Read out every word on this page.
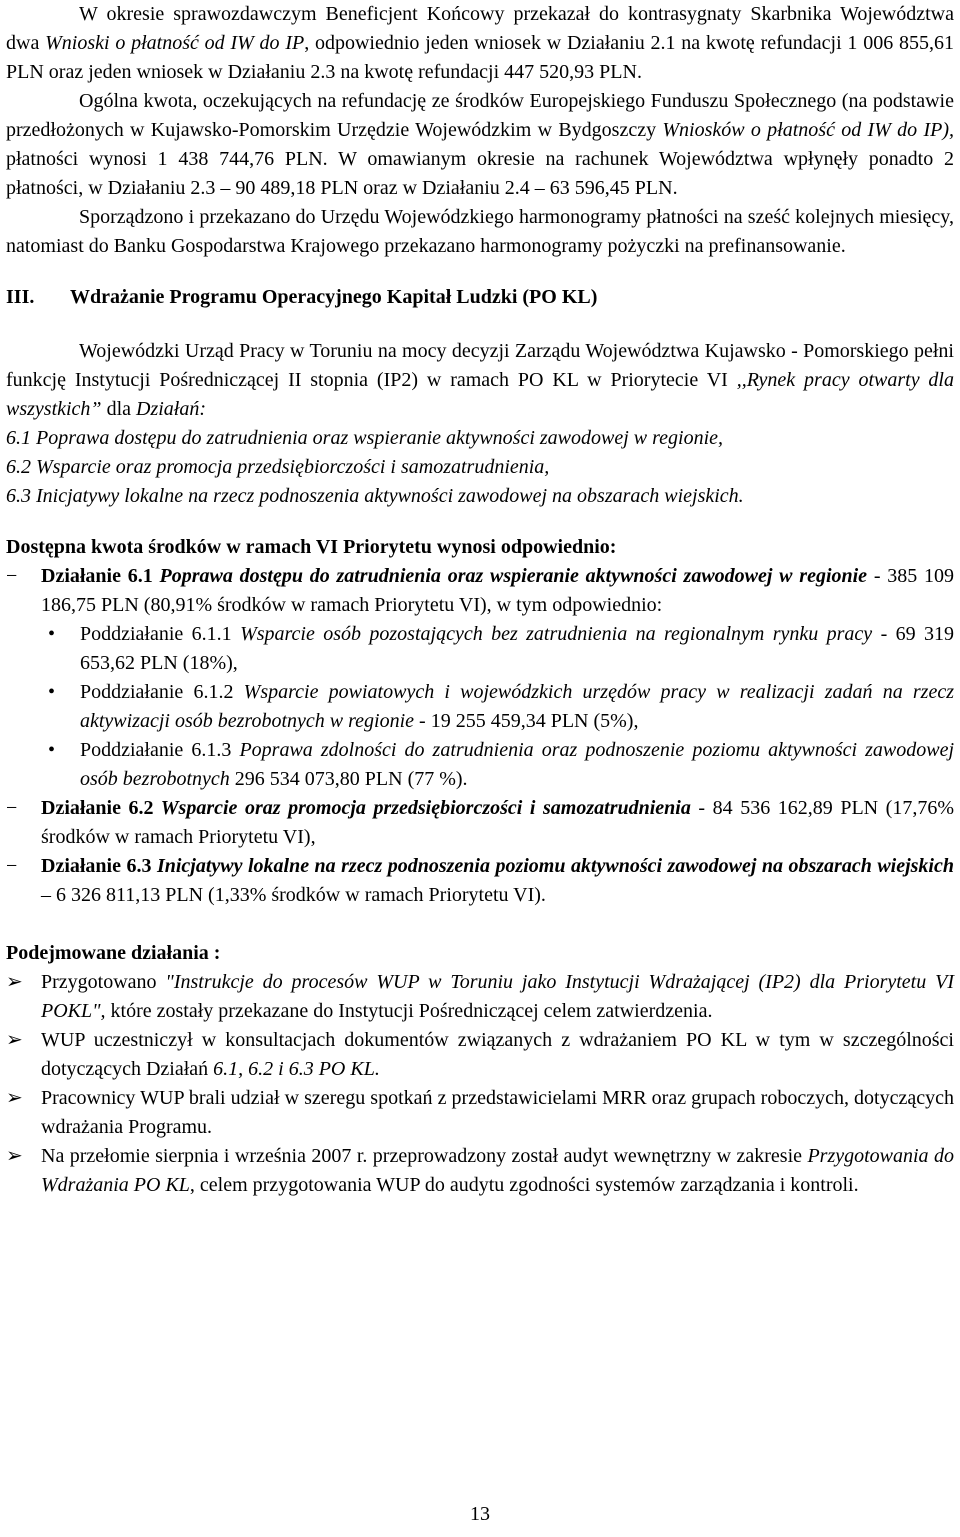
W okresie sprawozdawczym Beneficjent Końcowy przekazał do kontrasygnaty Skarbnika Województwa dwa Wnioski o płatność od IW do IP, odpowiednio jeden wniosek w Działaniu 2.1 na kwotę refundacji 1 006 855,61 PLN oraz jeden wniosek w Działaniu 2.3 na kwotę refundacji 447 520,93 PLN.

Ogólna kwota, oczekujących na refundację ze środków Europejskiego Funduszu Społecznego (na podstawie przedłożonych w Kujawsko-Pomorskim Urzędzie Wojewódzkim w Bydgoszczy Wniosków o płatność od IW do IP), płatności wynosi 1 438 744,76 PLN. W omawianym okresie na rachunek Województwa wpłynęły ponadto 2 płatności, w Działaniu 2.3 – 90 489,18 PLN oraz w Działaniu 2.4 – 63 596,45 PLN.

Sporządzono i przekazano do Urzędu Wojewódzkiego harmonogramy płatności na sześć kolejnych miesięcy, natomiast do Banku Gospodarstwa Krajowego przekazano harmonogramy pożyczki na prefinansowanie.

III.	Wdrażanie Programu Operacyjnego Kapitał Ludzki (PO KL)

Wojewódzki Urząd Pracy w Toruniu na mocy decyzji Zarządu Województwa Kujawsko - Pomorskiego pełni funkcję Instytucji Pośredniczącej II stopnia (IP2) w ramach PO KL w Priorytecie VI ,,Rynek pracy otwarty dla wszystkich” dla Działań:

6.1 Poprawa dostępu do zatrudnienia oraz wspieranie aktywności zawodowej w regionie,

6.2 Wsparcie oraz promocja przedsiębiorczości i samozatrudnienia,

6.3 Inicjatywy lokalne na rzecz podnoszenia aktywności zawodowej na obszarach wiejskich.

Dostępna kwota środków w ramach VI Priorytetu wynosi odpowiednio:

−	Działanie 6.1 Poprawa dostępu do zatrudnienia oraz wspieranie aktywności zawodowej w regionie - 385 109 186,75 PLN (80,91% środków w ramach Priorytetu VI), w tym odpowiednio:
•	Poddziałanie 6.1.1 Wsparcie osób pozostających bez zatrudnienia na regionalnym rynku pracy - 69 319 653,62 PLN (18%),
•	Poddziałanie 6.1.2 Wsparcie powiatowych i wojewódzkich urzędów pracy w realizacji zadań na rzecz aktywizacji osób bezrobotnych w regionie - 19 255 459,34 PLN (5%),
•	Poddziałanie 6.1.3 Poprawa zdolności do zatrudnienia oraz podnoszenie poziomu aktywności zawodowej osób bezrobotnych 296 534 073,80 PLN (77 %).
−	Działanie 6.2 Wsparcie oraz promocja przedsiębiorczości i samozatrudnienia - 84 536 162,89 PLN (17,76% środków w ramach Priorytetu VI),
−	Działanie 6.3 Inicjatywy lokalne na rzecz podnoszenia poziomu aktywności zawodowej na obszarach wiejskich – 6 326 811,13 PLN (1,33% środków w ramach Priorytetu VI).

Podejmowane działania :

➢ Przygotowano "Instrukcje do procesów WUP w Toruniu jako Instytucji Wdrażającej (IP2) dla Priorytetu VI POKL", które zostały przekazane do Instytucji Pośredniczącej celem zatwierdzenia.
➢ WUP uczestniczył w konsultacjach dokumentów związanych z wdrażaniem PO KL w tym w szczególności dotyczących Działań 6.1, 6.2 i 6.3 PO KL.
➢ Pracownicy WUP brali udział w szeregu spotkań z przedstawicielami MRR oraz grupach roboczych, dotyczących wdrażania Programu.
➢ Na przełomie sierpnia i września 2007 r. przeprowadzony został audyt wewnętrzny w zakresie Przygotowania do Wdrażania PO KL, celem przygotowania WUP do audytu zgodności systemów zarządzania i kontroli.
13
